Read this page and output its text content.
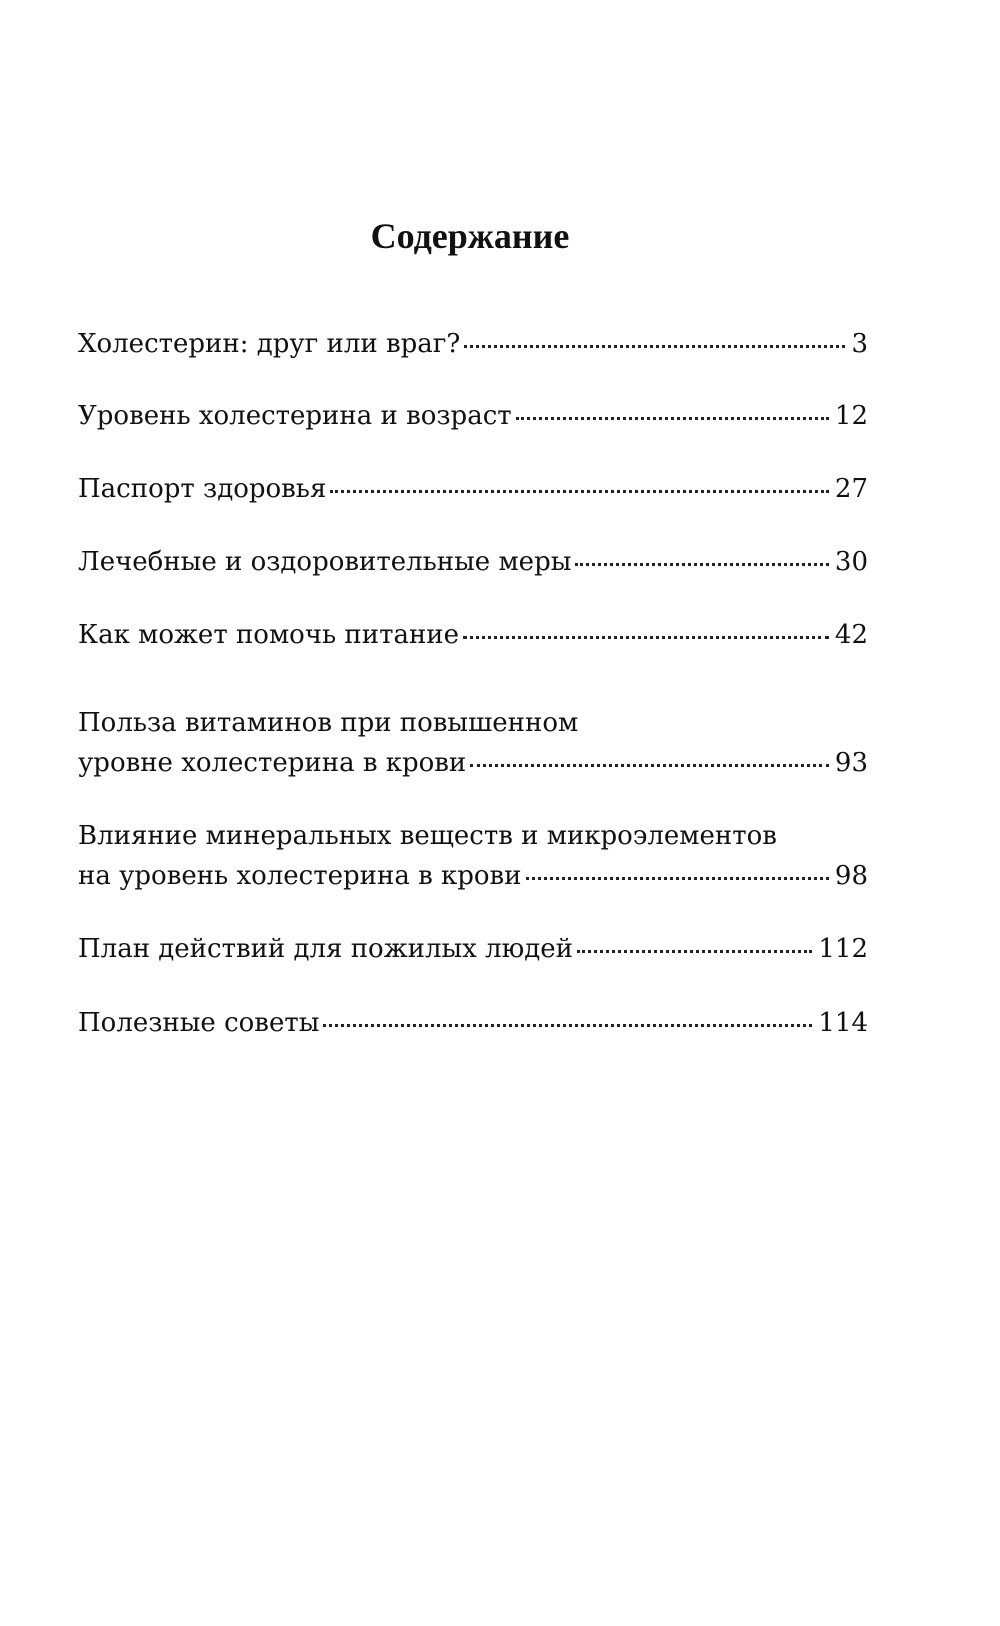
Содержание
Холестерин: друг или враг?	3
Уровень холестерина и возраст	12
Паспорт здоровья	27
Лечебные и оздоровительные меры	30
Как может помочь питание	42
Польза витаминов при повышенном
уровне холестерина в крови	93
Влияние минеральных веществ и микроэлементов
на уровень холестерина в крови	98
План действий для пожилых людей	112
Полезные советы	114
